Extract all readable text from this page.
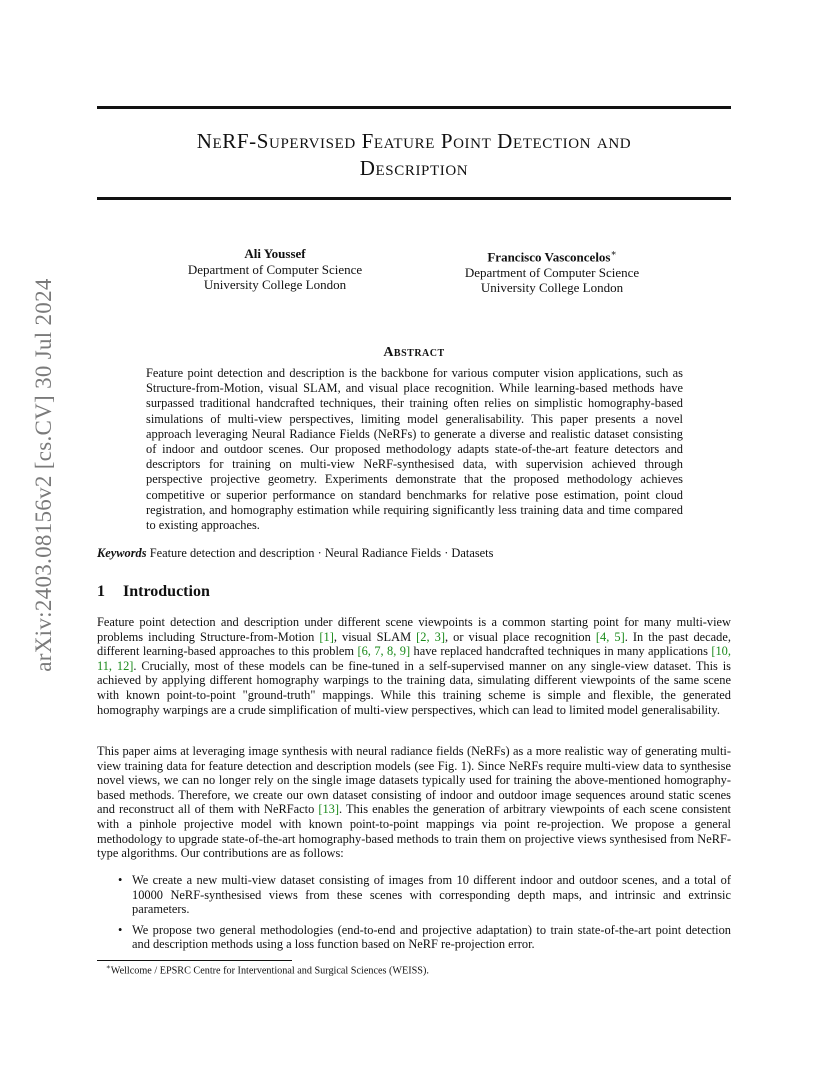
arXiv:2403.08156v2 [cs.CV] 30 Jul 2024
NeRF-Supervised Feature Point Detection and
Description
Ali Youssef
Department of Computer Science
University College London
Francisco Vasconcelos∗
Department of Computer Science
University College London
Abstract
Feature point detection and description is the backbone for various computer vision applications, such as Structure-from-Motion, visual SLAM, and visual place recognition. While learning-based methods have surpassed traditional handcrafted techniques, their training often relies on simplistic homography-based simulations of multi-view perspectives, limiting model generalisability. This paper presents a novel approach leveraging Neural Radiance Fields (NeRFs) to generate a diverse and realistic dataset consisting of indoor and outdoor scenes. Our proposed methodology adapts state-of-the-art feature detectors and descriptors for training on multi-view NeRF-synthesised data, with supervision achieved through perspective projective geometry. Experiments demonstrate that the proposed methodology achieves competitive or superior performance on standard benchmarks for relative pose estimation, point cloud registration, and homography estimation while requiring significantly less training data and time compared to existing approaches.
Keywords Feature detection and description · Neural Radiance Fields · Datasets
1 Introduction

Feature point detection and description under different scene viewpoints is a common starting point for many multi-view problems including Structure-from-Motion [1], visual SLAM [2, 3], or visual place recognition [4, 5]. In the past decade, different learning-based approaches to this problem [6, 7, 8, 9] have replaced handcrafted techniques in many applications [10, 11, 12]. Crucially, most of these models can be fine-tuned in a self-supervised manner on any single-view dataset. This is achieved by applying different homography warpings to the training data, simulating different viewpoints of the same scene with known point-to-point "ground-truth" mappings. While this training scheme is simple and flexible, the generated homography warpings are a crude simplification of multi-view perspectives, which can lead to limited model generalisability.

This paper aims at leveraging image synthesis with neural radiance fields (NeRFs) as a more realistic way of generating multi-view training data for feature detection and description models (see Fig. 1). Since NeRFs require multi-view data to synthesise novel views, we can no longer rely on the single image datasets typically used for training the above-mentioned homography-based methods. Therefore, we create our own dataset consisting of indoor and outdoor image sequences around static scenes and reconstruct all of them with NeRFacto [13]. This enables the generation of arbitrary viewpoints of each scene consistent with a pinhole projective model with known point-to-point mappings via point re-projection. We propose a general methodology to upgrade state-of-the-art homography-based methods to train them on projective views synthesised from NeRF-type algorithms. Our contributions are as follows:

• We create a new multi-view dataset consisting of images from 10 different indoor and outdoor scenes, and a total of 10000 NeRF-synthesised views from these scenes with corresponding depth maps, and intrinsic and extrinsic parameters.
• We propose two general methodologies (end-to-end and projective adaptation) to train state-of-the-art point detection and description methods using a loss function based on NeRF re-projection error.
∗Wellcome / EPSRC Centre for Interventional and Surgical Sciences (WEISS).
